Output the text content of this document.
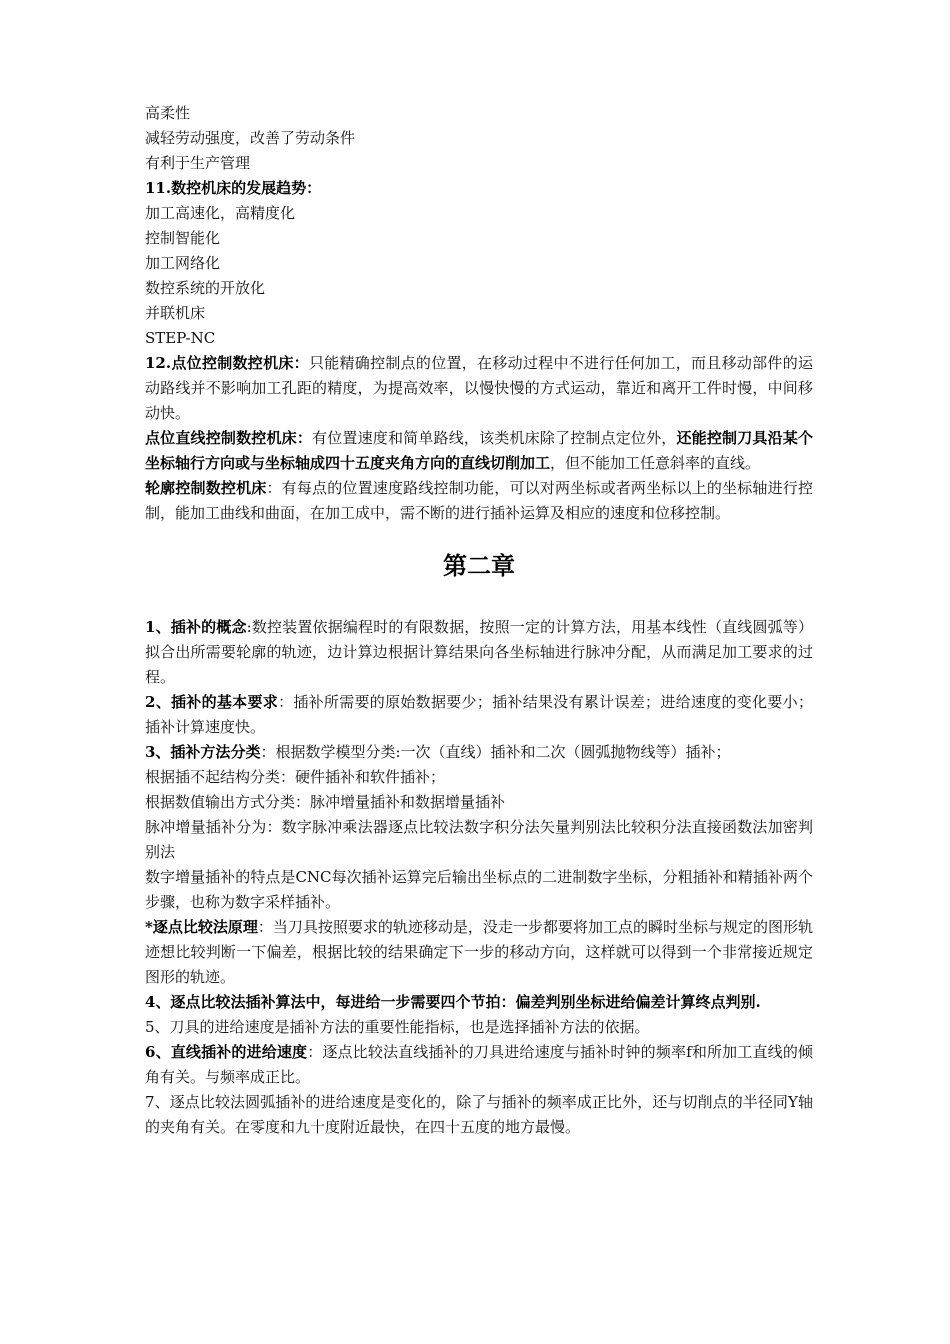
高柔性

减轻劳动强度，改善了劳动条件

有利于生产管理

11.数控机床的发展趋势：

加工高速化，高精度化

控制智能化

加工网络化

数控系统的开放化

并联机床

STEP-NC

12.点位控制数控机床：只能精确控制点的位置，在移动过程中不进行任何加工，而且移动部件的运动路线并不影响加工孔距的精度，为提高效率，以慢快慢的方式运动，靠近和离开工件时慢，中间移动快。

点位直线控制数控机床：有位置速度和简单路线，该类机床除了控制点定位外，还能控制刀具沿某个坐标轴行方向或与坐标轴成四十五度夹角方向的直线切削加工，但不能加工任意斜率的直线。

轮廓控制数控机床：有每点的位置速度路线控制功能，可以对两坐标或者两坐标以上的坐标轴进行控制，能加工曲线和曲面，在加工成中，需不断的进行插补运算及相应的速度和位移控制。

第二章

1、插补的概念:数控装置依据编程时的有限数据，按照一定的计算方法，用基本线性（直线圆弧等）拟合出所需要轮廓的轨迹，边计算边根据计算结果向各坐标轴进行脉冲分配，从而满足加工要求的过程。

2、插补的基本要求：插补所需要的原始数据要少；插补结果没有累计误差；进给速度的变化要小；插补计算速度快。

3、插补方法分类：根据数学模型分类:一次（直线）插补和二次（圆弧抛物线等）插补；

根据插不起结构分类：硬件插补和软件插补；

根据数值输出方式分类：脉冲增量插补和数据增量插补

脉冲增量插补分为：数字脉冲乘法器逐点比较法数字积分法矢量判别法比较积分法直接函数法加密判别法

数字增量插补的特点是CNC每次插补运算完后输出坐标点的二进制数字坐标，分粗插补和精插补两个步骤，也称为数字采样插补。

*逐点比较法原理：当刀具按照要求的轨迹移动是，没走一步都要将加工点的瞬时坐标与规定的图形轨迹想比较判断一下偏差，根据比较的结果确定下一步的移动方向，这样就可以得到一个非常接近规定图形的轨迹。

4、逐点比较法插补算法中，每进给一步需要四个节拍：偏差判别坐标进给偏差计算终点判别.

5、刀具的进给速度是插补方法的重要性能指标，也是选择插补方法的依据。

6、直线插补的进给速度：逐点比较法直线插补的刀具进给速度与插补时钟的频率f和所加工直线的倾角有关。与频率成正比。

7、逐点比较法圆弧插补的进给速度是变化的，除了与插补的频率成正比外，还与切削点的半径同Y轴的夹角有关。在零度和九十度附近最快，在四十五度的地方最慢。
